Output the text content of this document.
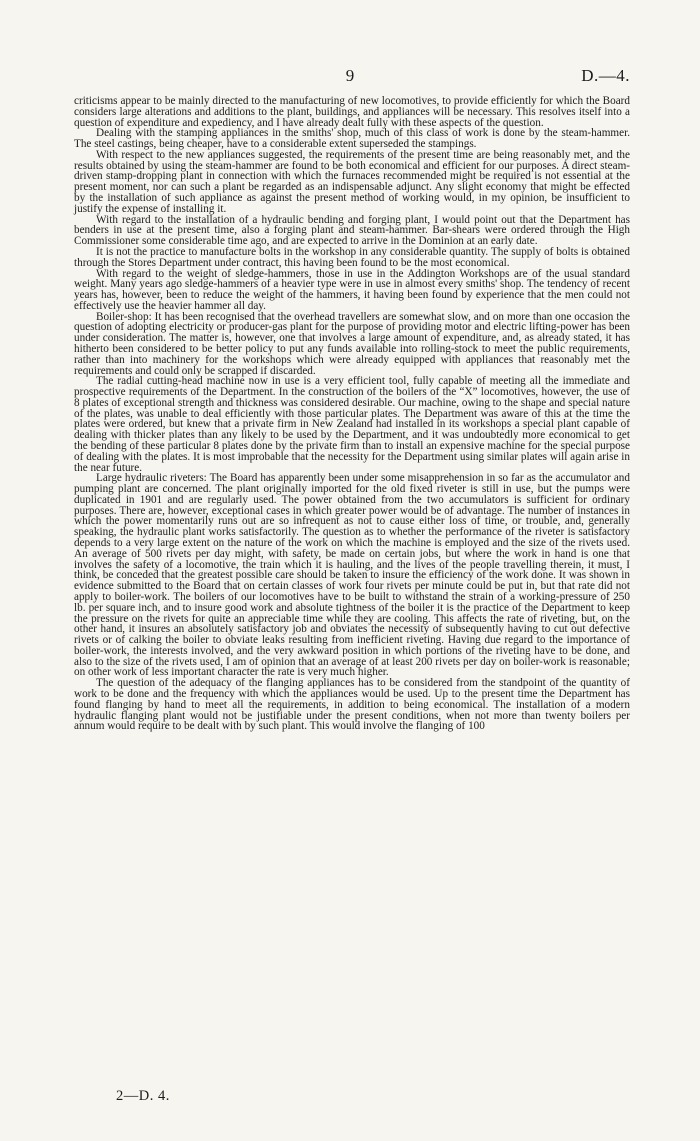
9	D.—4.

criticisms appear to be mainly directed to the manufacturing of new locomotives, to provide efficiently for which the Board considers large alterations and additions to the plant, buildings, and appliances will be necessary. This resolves itself into a question of expenditure and expediency, and I have already dealt fully with these aspects of the question.

Dealing with the stamping appliances in the smiths' shop, much of this class of work is done by the steam-hammer. The steel castings, being cheaper, have to a considerable extent superseded the stampings.

With respect to the new appliances suggested, the requirements of the present time are being reasonably met, and the results obtained by using the steam-hammer are found to be both economical and efficient for our purposes. A direct steam-driven stamp-dropping plant in connection with which the furnaces recommended might be required is not essential at the present moment, nor can such a plant be regarded as an indispensable adjunct. Any slight economy that might be effected by the installation of such appliance as against the present method of working would, in my opinion, be insufficient to justify the expense of installing it.

With regard to the installation of a hydraulic bending and forging plant, I would point out that the Department has benders in use at the present time, also a forging plant and steam-hammer. Bar-shears were ordered through the High Commissioner some considerable time ago, and are expected to arrive in the Dominion at an early date.

It is not the practice to manufacture bolts in the workshop in any considerable quantity. The supply of bolts is obtained through the Stores Department under contract, this having been found to be the most economical.

With regard to the weight of sledge-hammers, those in use in the Addington Workshops are of the usual standard weight. Many years ago sledge-hammers of a heavier type were in use in almost every smiths' shop. The tendency of recent years has, however, been to reduce the weight of the hammers, it having been found by experience that the men could not effectively use the heavier hammer all day.

Boiler-shop: It has been recognised that the overhead travellers are somewhat slow, and on more than one occasion the question of adopting electricity or producer-gas plant for the purpose of providing motor and electric lifting-power has been under consideration. The matter is, however, one that involves a large amount of expenditure, and, as already stated, it has hitherto been considered to be better policy to put any funds available into rolling-stock to meet the public requirements, rather than into machinery for the workshops which were already equipped with appliances that reasonably met the requirements and could only be scrapped if discarded.

The radial cutting-head machine now in use is a very efficient tool, fully capable of meeting all the immediate and prospective requirements of the Department. In the construction of the boilers of the “X” locomotives, however, the use of 8 plates of exceptional strength and thickness was considered desirable. Our machine, owing to the shape and special nature of the plates, was unable to deal efficiently with those particular plates. The Department was aware of this at the time the plates were ordered, but knew that a private firm in New Zealand had installed in its workshops a special plant capable of dealing with thicker plates than any likely to be used by the Department, and it was undoubtedly more economical to get the bending of these particular 8 plates done by the private firm than to install an expensive machine for the special purpose of dealing with the plates. It is most improbable that the necessity for the Department using similar plates will again arise in the near future.

Large hydraulic riveters: The Board has apparently been under some misapprehension in so far as the accumulator and pumping plant are concerned. The plant originally imported for the old fixed riveter is still in use, but the pumps were duplicated in 1901 and are regularly used. The power obtained from the two accumulators is sufficient for ordinary purposes. There are, however, exceptional cases in which greater power would be of advantage. The number of instances in which the power momentarily runs out are so infrequent as not to cause either loss of time, or trouble, and, generally speaking, the hydraulic plant works satisfactorily. The question as to whether the performance of the riveter is satisfactory depends to a very large extent on the nature of the work on which the machine is employed and the size of the rivets used. An average of 500 rivets per day might, with safety, be made on certain jobs, but where the work in hand is one that involves the safety of a locomotive, the train which it is hauling, and the lives of the people travelling therein, it must, I think, be conceded that the greatest possible care should be taken to insure the efficiency of the work done. It was shown in evidence submitted to the Board that on certain classes of work four rivets per minute could be put in, but that rate did not apply to boiler-work. The boilers of our locomotives have to be built to withstand the strain of a working-pressure of 250 lb. per square inch, and to insure good work and absolute tightness of the boiler it is the practice of the Department to keep the pressure on the rivets for quite an appreciable time while they are cooling. This affects the rate of riveting, but, on the other hand, it insures an absolutely satisfactory job and obviates the necessity of subsequently having to cut out defective rivets or of calking the boiler to obviate leaks resulting from inefficient riveting. Having due regard to the importance of boiler-work, the interests involved, and the very awkward position in which portions of the riveting have to be done, and also to the size of the rivets used, I am of opinion that an average of at least 200 rivets per day on boiler-work is reasonable; on other work of less important character the rate is very much higher.

The question of the adequacy of the flanging appliances has to be considered from the standpoint of the quantity of work to be done and the frequency with which the appliances would be used. Up to the present time the Department has found flanging by hand to meet all the requirements, in addition to being economical. The installation of a modern hydraulic flanging plant would not be justifiable under the present conditions, when not more than twenty boilers per annum would require to be dealt with by such plant. This would involve the flanging of 100

2—D. 4.
